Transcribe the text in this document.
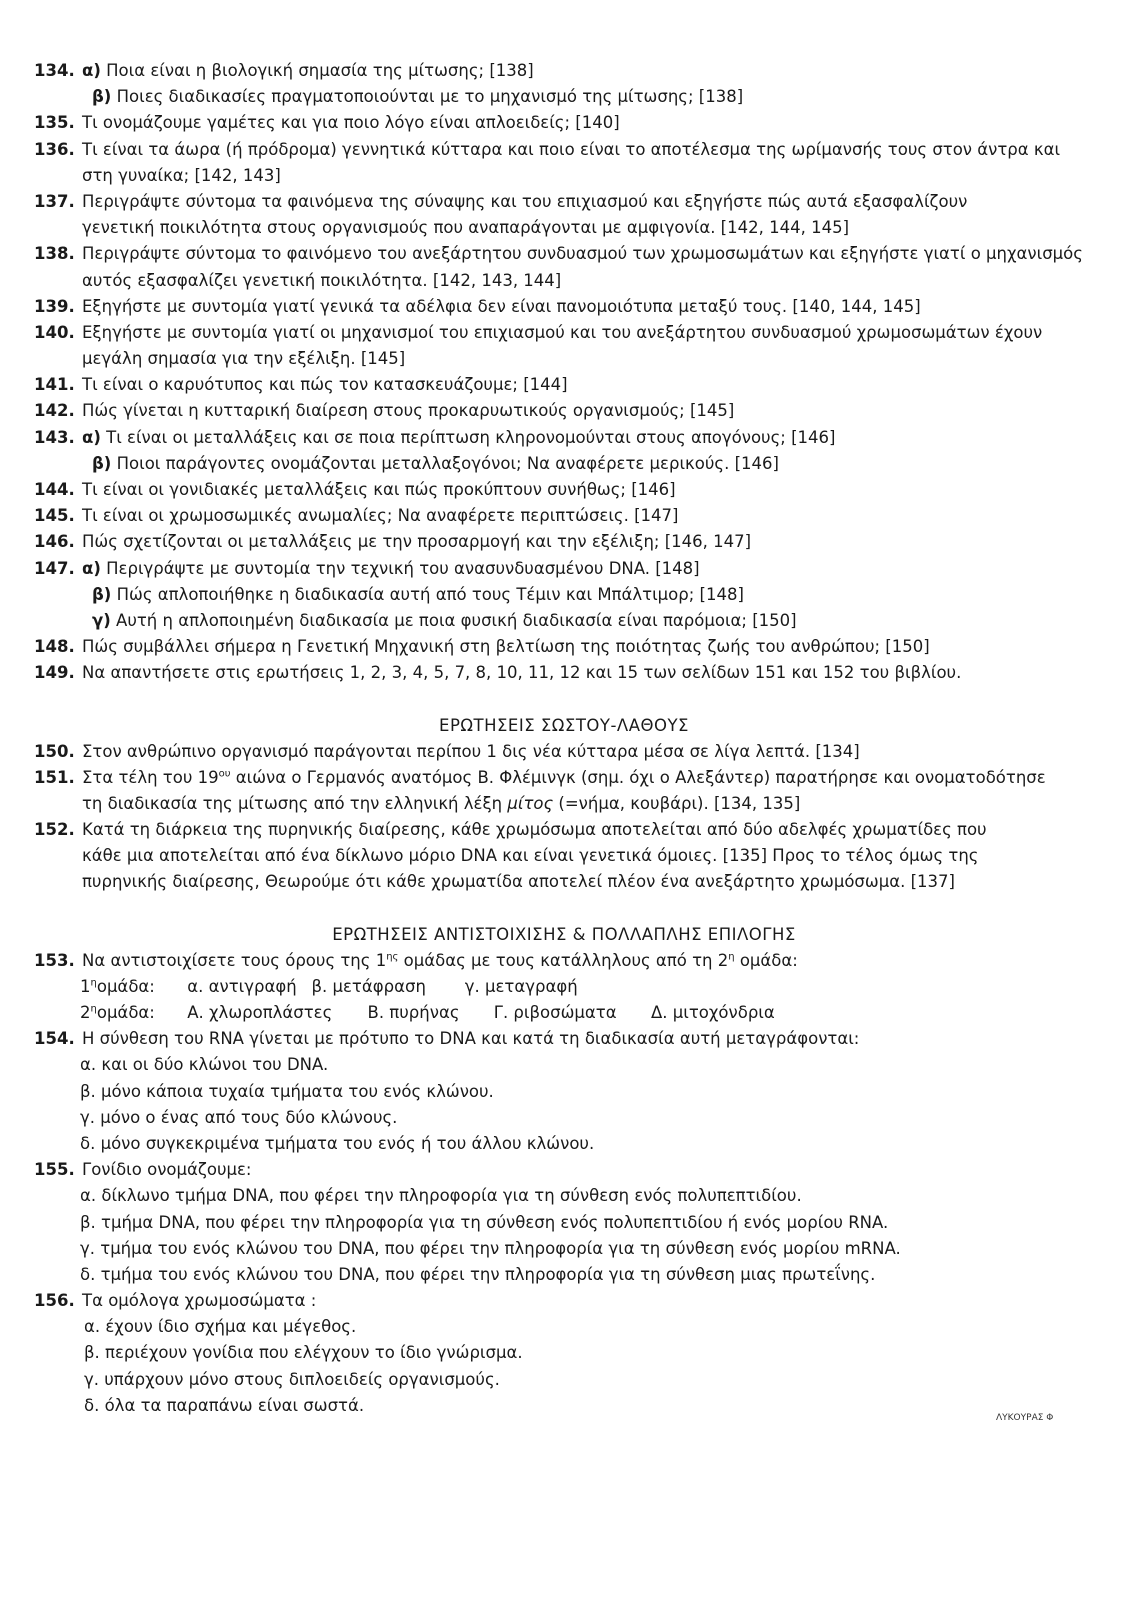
134. α) Ποια είναι η βιολογική σημασία της μίτωσης; [138]
β) Ποιες διαδικασίες πραγματοποιούνται με το μηχανισμό της μίτωσης; [138]
135. Τι ονομάζουμε γαμέτες και για ποιο λόγο είναι απλοειδείς; [140]
136. Τι είναι τα άωρα (ή πρόδρομα) γεννητικά κύτταρα και ποιο είναι το αποτέλεσμα της ωρίμανσής τους στον άντρα και
στη γυναίκα; [142, 143]
137. Περιγράψτε σύντομα τα φαινόμενα της σύναψης και του επιχιασμού και εξηγήστε πώς αυτά εξασφαλίζουν
γενετική ποικιλότητα στους οργανισμούς που αναπαράγονται με αμφιγονία. [142, 144, 145]
138. Περιγράψτε σύντομα το φαινόμενο του ανεξάρτητου συνδυασμού των χρωμοσωμάτων και εξηγήστε γιατί ο μηχανισμός
αυτός εξασφαλίζει γενετική ποικιλότητα. [142, 143, 144]
139. Εξηγήστε με συντομία γιατί γενικά τα αδέλφια δεν είναι πανομοιότυπα μεταξύ τους. [140, 144, 145]
140. Εξηγήστε με συντομία γιατί οι μηχανισμοί του επιχιασμού και του ανεξάρτητου συνδυασμού χρωμοσωμάτων έχουν
μεγάλη σημασία για την εξέλιξη. [145]
141. Τι είναι ο καρυότυπος και πώς τον κατασκευάζουμε; [144]
142. Πώς γίνεται η κυτταρική διαίρεση στους προκαρυωτικούς οργανισμούς; [145]
143. α) Τι είναι οι μεταλλάξεις και σε ποια περίπτωση κληρονομούνται στους απογόνους; [146]
β) Ποιοι παράγοντες ονομάζονται μεταλλαξογόνοι; Να αναφέρετε μερικούς. [146]
144. Τι είναι οι γονιδιακές μεταλλάξεις και πώς προκύπτουν συνήθως; [146]
145. Τι είναι οι χρωμοσωμικές ανωμαλίες; Να αναφέρετε περιπτώσεις. [147]
146. Πώς σχετίζονται οι μεταλλάξεις με την προσαρμογή και την εξέλιξη; [146, 147]
147. α) Περιγράψτε με συντομία την τεχνική του ανασυνδυασμένου DNA. [148]
β) Πώς απλοποιήθηκε η διαδικασία αυτή από τους Τέμιν και Μπάλτιμορ; [148]
γ) Αυτή η απλοποιημένη διαδικασία με ποια φυσική διαδικασία είναι παρόμοια; [150]
148. Πώς συμβάλλει σήμερα η Γενετική Μηχανική στη βελτίωση της ποιότητας ζωής του ανθρώπου; [150]
149. Να απαντήσετε στις ερωτήσεις 1, 2, 3, 4, 5, 7, 8, 10, 11, 12 και 15 των σελίδων 151 και 152 του βιβλίου.
ΕΡΩΤΗΣΕΙΣ ΣΩΣΤΟΥ-ΛΑΘΟΥΣ
150. Στον ανθρώπινο οργανισμό παράγονται περίπου 1 δις νέα κύτταρα μέσα σε λίγα λεπτά. [134]
151. Στα τέλη του $19^{o\upsilon}$ αιώνα ο Γερμανός ανατόμος Β. Φλέμινγκ (σημ. όχι ο Αλεξάντερ) παρατήρησε και ονοματοδότησε
τη διαδικασία της μίτωσης από την ελληνική λέξη μίτος (=νήμα, κουβάρι). [134, 135]
152. Κατά τη διάρκεια της πυρηνικής διαίρεσης, κάθε χρωμόσωμα αποτελείται από δύο αδελφές χρωματίδες που
κάθε μια αποτελείται από ένα δίκλωνο μόριο DNA και είναι γενετικά όμοιες. [135] Προς το τέλος όμως της
πυρηνικής διαίρεσης, Θεωρούμε ότι κάθε χρωματίδα αποτελεί πλέον ένα ανεξάρτητο χρωμόσωμα. [137]
ΕΡΩΤΗΣΕΙΣ ΑΝΤΙΣΤΟΙΧΙΣΗΣ & ΠΟΛΛΑΠΛΗΣ ΕΠΙΛΟΓΗΣ
153. Να αντιστοιχίσετε τους όρους της $1^{\eta\varsigma}$ ομάδας με τους κατάλληλους από τη $2^\eta$ ομάδα:
$1^\eta o\mu ά\delta\alpha$: α. αντιγραφή β. μετάφραση γ. μεταγραφή
$2^\eta o\mu ά\delta\alpha$: Α. χλωροπλάστες Β. πυρήνας Γ. ριβοσώματα Δ. μιτοχόνδρια
154. Η σύνθεση του RNA γίνεται με πρότυπο το DNA και κατά τη διαδικασία αυτή μεταγράφονται:
α. και οι δύο κλώνοι του DNA.
β. μόνο κάποια τυχαία τμήματα του ενός κλώνου.
γ. μόνο ο ένας από τους δύο κλώνους.
δ. μόνο συγκεκριμένα τμήματα του ενός ή του άλλου κλώνου.
155. Γονίδιο ονομάζουμε:
α. δίκλωνο τμήμα DNA, που φέρει την πληροφορία για τη σύνθεση ενός πολυπεπτιδίου.
β. τμήμα DNA, που φέρει την πληροφορία για τη σύνθεση ενός πολυπεπτιδίου ή ενός μορίου RNA.
γ. τμήμα του ενός κλώνου του DNA, που φέρει την πληροφορία για τη σύνθεση ενός μορίου mRNA.
δ. τμήμα του ενός κλώνου του DNA, που φέρει την πληροφορία για τη σύνθεση μιας πρωτεΐνης.
156. Τα ομόλογα χρωμοσώματα :
α. έχουν ίδιο σχήμα και μέγεθος.
β. περιέχουν γονίδια που ελέγχουν το ίδιο γνώρισμα.
γ. υπάρχουν μόνο στους διπλοειδείς οργανισμούς.
δ. όλα τα παραπάνω είναι σωστά.
ΛΥΚΟΥΡΑΣ Φ
